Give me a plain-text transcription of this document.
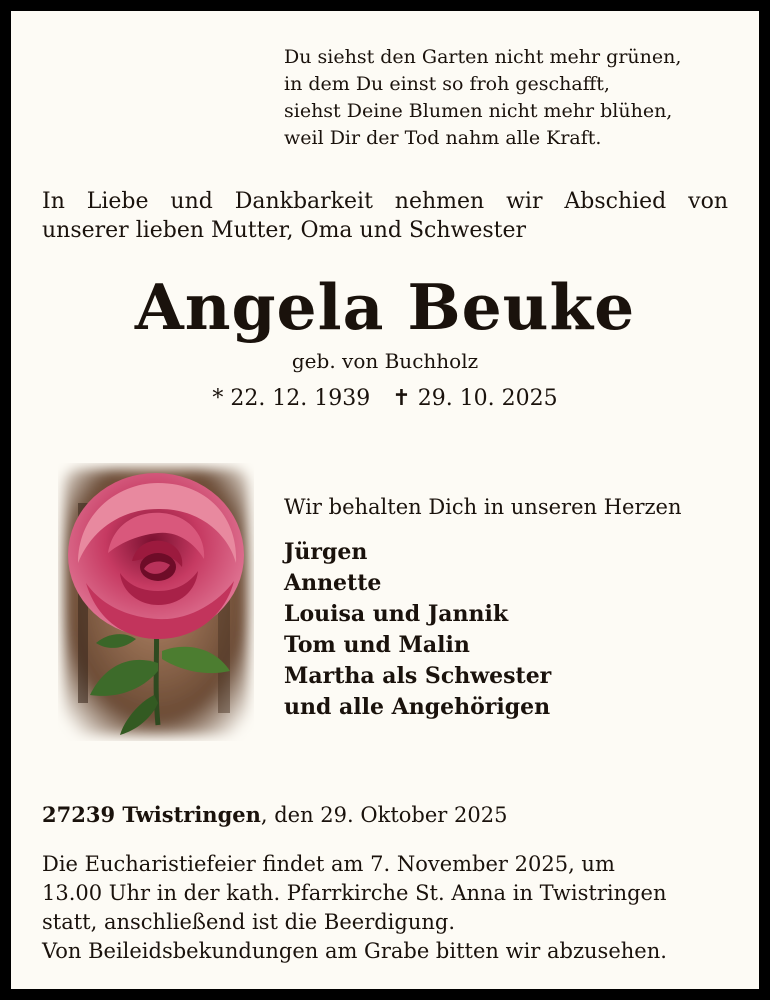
Du siehst den Garten nicht mehr grünen,
in dem Du einst so froh geschafft,
siehst Deine Blumen nicht mehr blühen,
weil Dir der Tod nahm alle Kraft.
In Liebe und Dankbarkeit nehmen wir Abschied von
unserer lieben Mutter, Oma und Schwester
Angela Beuke
geb. von Buchholz
* 22. 12. 1939 ✝ 29. 10. 2025
Wir behalten Dich in unseren Herzen
Jürgen
Annette
Louisa und Jannik
Tom und Malin
Martha als Schwester
und alle Angehörigen
27239 Twistringen, den 29. Oktober 2025
Die Eucharistiefeier findet am 7. November 2025, um
13.00 Uhr in der kath. Pfarrkirche St. Anna in Twistringen
statt, anschließend ist die Beerdigung.
Von Beileidsbekundungen am Grabe bitten wir abzusehen.
